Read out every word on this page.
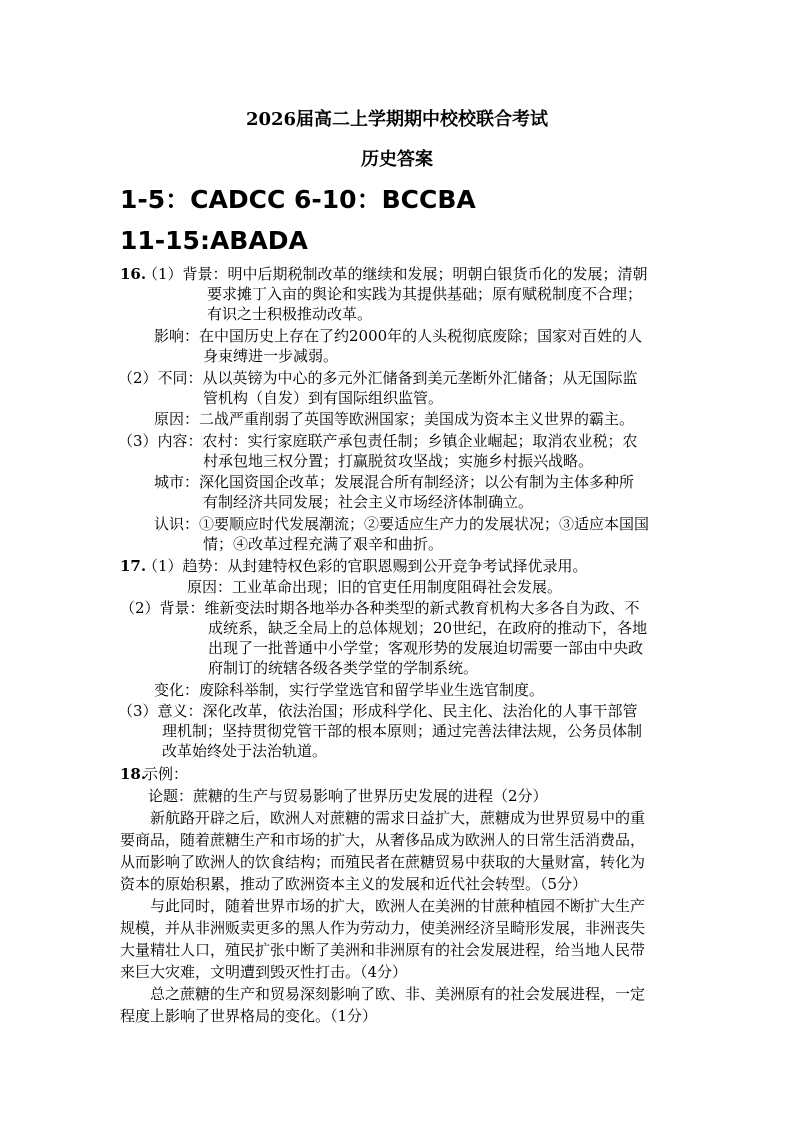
2026届高二上学期期中校校联合考试
历史答案
1-5：CADCC 6-10：BCCBA
11-15:ABADA
16.
（1）背景：明中后期税制改革的继续和发展；明朝白银货币化的发展；清朝
要求摊丁入亩的舆论和实践为其提供基础；原有赋税制度不合理；
有识之士积极推动改革。
影响：在中国历史上存在了约2000年的人头税彻底废除；国家对百姓的人
身束缚进一步减弱。
（2）不同：从以英镑为中心的多元外汇储备到美元垄断外汇储备；从无国际监
管机构（自发）到有国际组织监管。
原因：二战严重削弱了英国等欧洲国家；美国成为资本主义世界的霸主。
（3）内容：农村：实行家庭联产承包责任制；乡镇企业崛起；取消农业税；农
村承包地三权分置；打赢脱贫攻坚战；实施乡村振兴战略。
城市：深化国资国企改革；发展混合所有制经济；以公有制为主体多种所
有制经济共同发展；社会主义市场经济体制确立。
认识：①要顺应时代发展潮流；②要适应生产力的发展状况；③适应本国国
情；④改革过程充满了艰辛和曲折。
17.
（1）趋势：从封建特权色彩的官职恩赐到公开竞争考试择优录用。
原因：工业革命出现；旧的官吏任用制度阻碍社会发展。
（2）背景：维新变法时期各地举办各种类型的新式教育机构大多各自为政、不
成统系，缺乏全局上的总体规划；20世纪，在政府的推动下，各地
出现了一批普通中小学堂；客观形势的发展迫切需要一部由中央政
府制订的统辖各级各类学堂的学制系统。
变化：废除科举制，实行学堂选官和留学毕业生选官制度。
（3）意义：深化改革，依法治国；形成科学化、民主化、法治化的人事干部管
理机制；坚持贯彻党管干部的根本原则；通过完善法律法规，公务员体制
改革始终处于法治轨道。
18.
示例：
论题：蔗糖的生产与贸易影响了世界历史发展的进程（2分）
新航路开辟之后，欧洲人对蔗糖的需求日益扩大，蔗糖成为世界贸易中的重
要商品，随着蔗糖生产和市场的扩大，从奢侈品成为欧洲人的日常生活消费品，
从而影响了欧洲人的饮食结构；而殖民者在蔗糖贸易中获取的大量财富，转化为
资本的原始积累，推动了欧洲资本主义的发展和近代社会转型。（5分）
与此同时，随着世界市场的扩大，欧洲人在美洲的甘蔗种植园不断扩大生产
规模，并从非洲贩卖更多的黑人作为劳动力，使美洲经济呈畸形发展，非洲丧失
大量精壮人口，殖民扩张中断了美洲和非洲原有的社会发展进程，给当地人民带
来巨大灾难，文明遭到毁灭性打击。（4分）
总之蔗糖的生产和贸易深刻影响了欧、非、美洲原有的社会发展进程，一定
程度上影响了世界格局的变化。（1分）
